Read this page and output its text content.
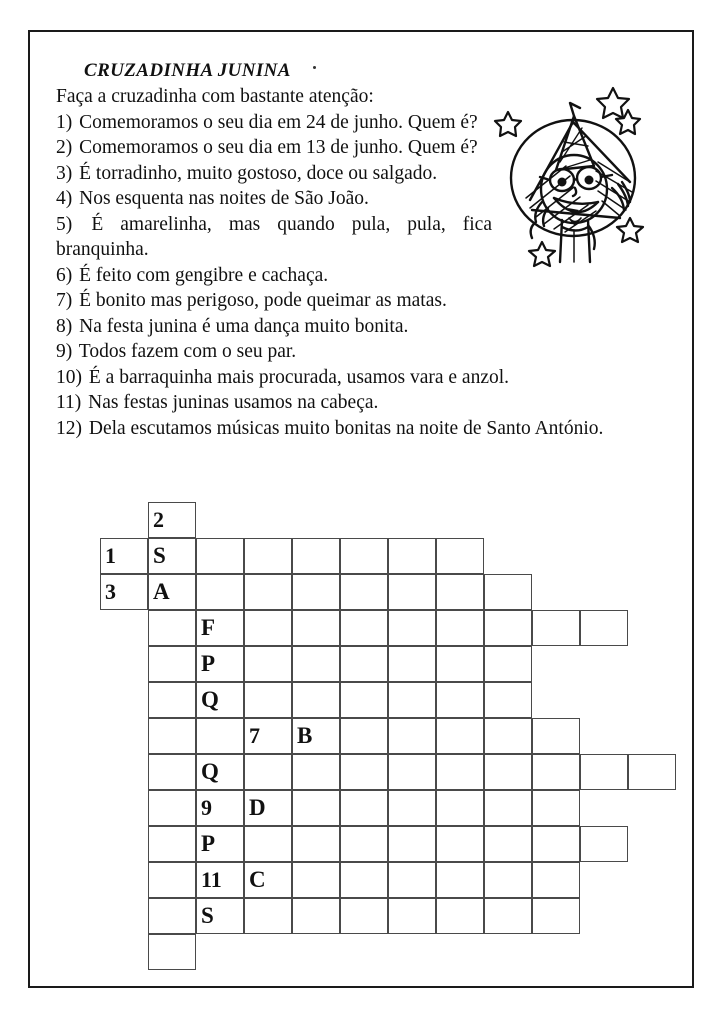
CRUZADINHA JUNINA

Faça a cruzadinha com bastante atenção:

1) Comemoramos o seu dia em 24 de junho. Quem é?
2) Comemoramos o seu dia em 13 de junho. Quem é?
3) É torradinho, muito gostoso, doce ou salgado.
4) Nos esquenta nas noites de São João.
5) É amarelinha, mas quando pula, pula, fica branquinha.
6) É feito com gengibre e cachaça.
7) É bonito mas perigoso, pode queimar as matas.
8) Na festa junina é uma dança muito bonita.
9) Todos fazem com o seu par.
10) É a barraquinha mais procurada, usamos vara e anzol.
11) Nas festas juninas usamos na cabeça.
12) Dela escutamos músicas muito bonitas na noite de Santo António.
2
1	S
3	A
F
P
Q
7	B
Q
9	D
P
11	C
S
